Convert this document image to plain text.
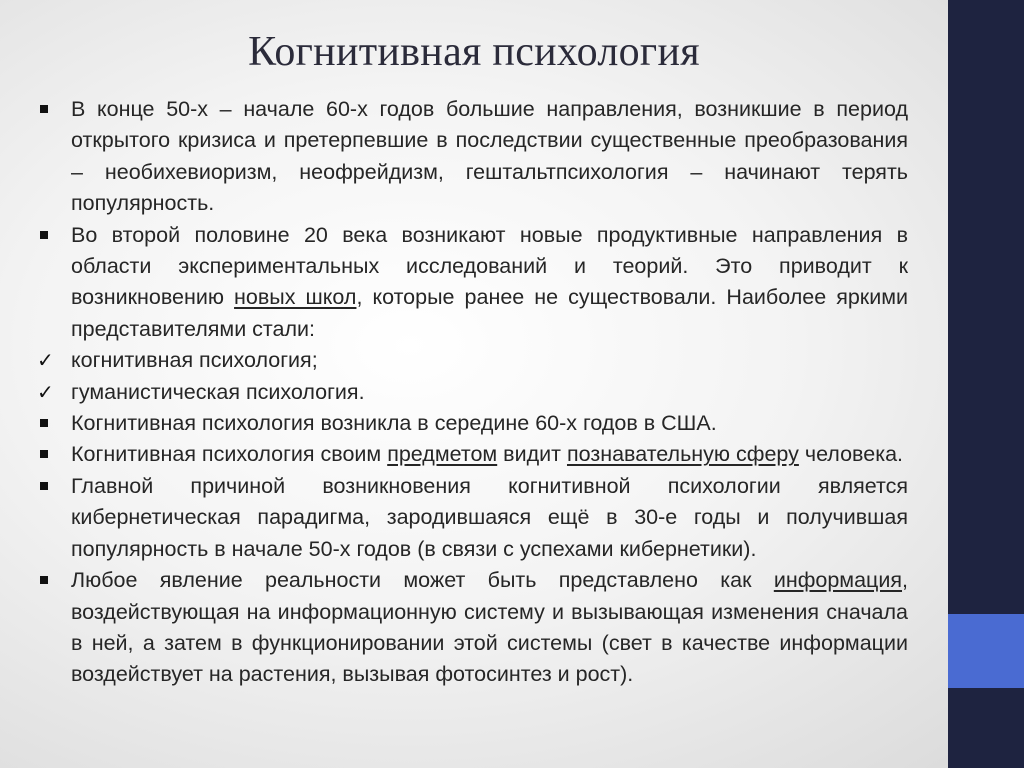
Когнитивная психология
В конце 50-х – начале 60-х годов большие направления, возникшие в период открытого кризиса и претерпевшие в последствии существенные преобразования – необихевиоризм, неофрейдизм, гештальтпсихология – начинают терять популярность.
Во второй половине 20 века возникают новые продуктивные направления в области экспериментальных исследований и теорий. Это приводит к возникновению новых школ, которые ранее не существовали. Наиболее яркими представителями стали:
✓ когнитивная психология;
✓ гуманистическая психология.
Когнитивная психология возникла в середине 60-х годов в США.
Когнитивная психология своим предметом видит познавательную сферу человека.
Главной причиной возникновения когнитивной психологии является кибернетическая парадигма, зародившаяся ещё в 30-е годы и получившая популярность в начале 50-х годов (в связи с успехами кибернетики).
Любое явление реальности может быть представлено как информация, воздействующая на информационную систему и вызывающая изменения сначала в ней, а затем в функционировании этой системы (свет в качестве информации воздействует на растения, вызывая фотосинтез и рост).
